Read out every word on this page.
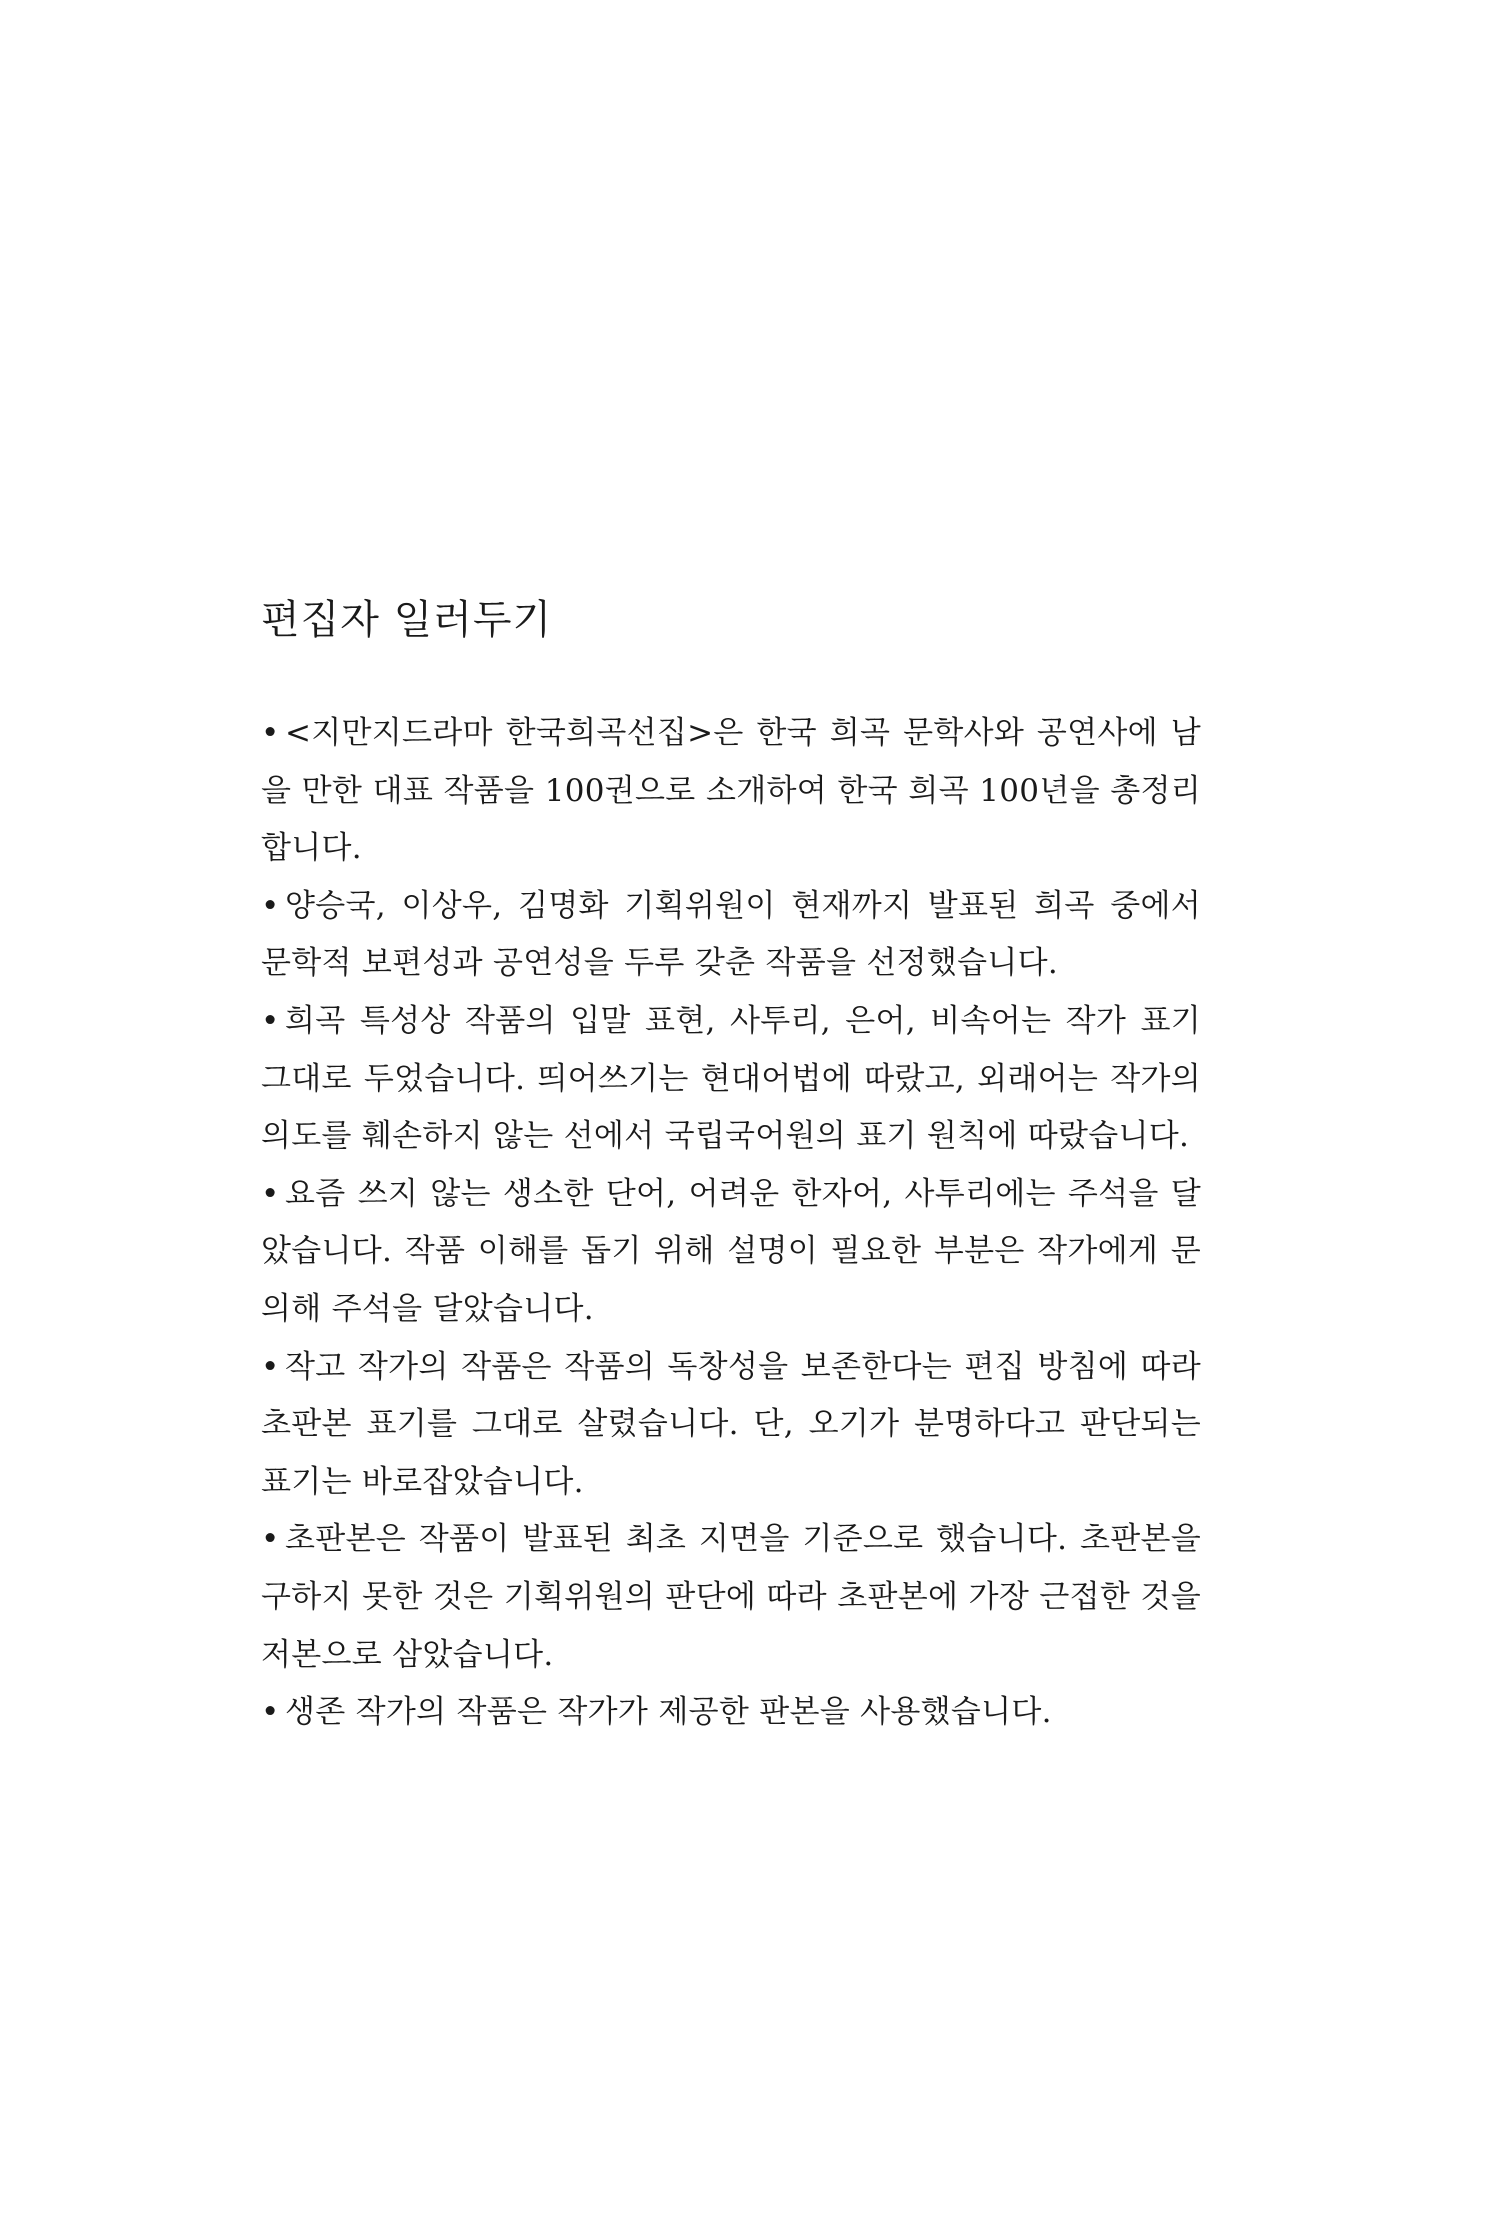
편집자 일러두기
• <지만지드라마 한국희곡선집>은 한국 희곡 문학사와 공연사에 남을 만한 대표 작품을 100권으로 소개하여 한국 희곡 100년을 총정리합니다.
• 양승국, 이상우, 김명화 기획위원이 현재까지 발표된 희곡 중에서 문학적 보편성과 공연성을 두루 갖춘 작품을 선정했습니다.
• 희곡 특성상 작품의 입말 표현, 사투리, 은어, 비속어는 작가 표기 그대로 두었습니다. 띄어쓰기는 현대어법에 따랐고, 외래어는 작가의 의도를 훼손하지 않는 선에서 국립국어원의 표기 원칙에 따랐습니다.
• 요즘 쓰지 않는 생소한 단어, 어려운 한자어, 사투리에는 주석을 달았습니다. 작품 이해를 돕기 위해 설명이 필요한 부분은 작가에게 문의해 주석을 달았습니다.
• 작고 작가의 작품은 작품의 독창성을 보존한다는 편집 방침에 따라 초판본 표기를 그대로 살렸습니다. 단, 오기가 분명하다고 판단되는 표기는 바로잡았습니다.
• 초판본은 작품이 발표된 최초 지면을 기준으로 했습니다. 초판본을 구하지 못한 것은 기획위원의 판단에 따라 초판본에 가장 근접한 것을 저본으로 삼았습니다.
• 생존 작가의 작품은 작가가 제공한 판본을 사용했습니다.
